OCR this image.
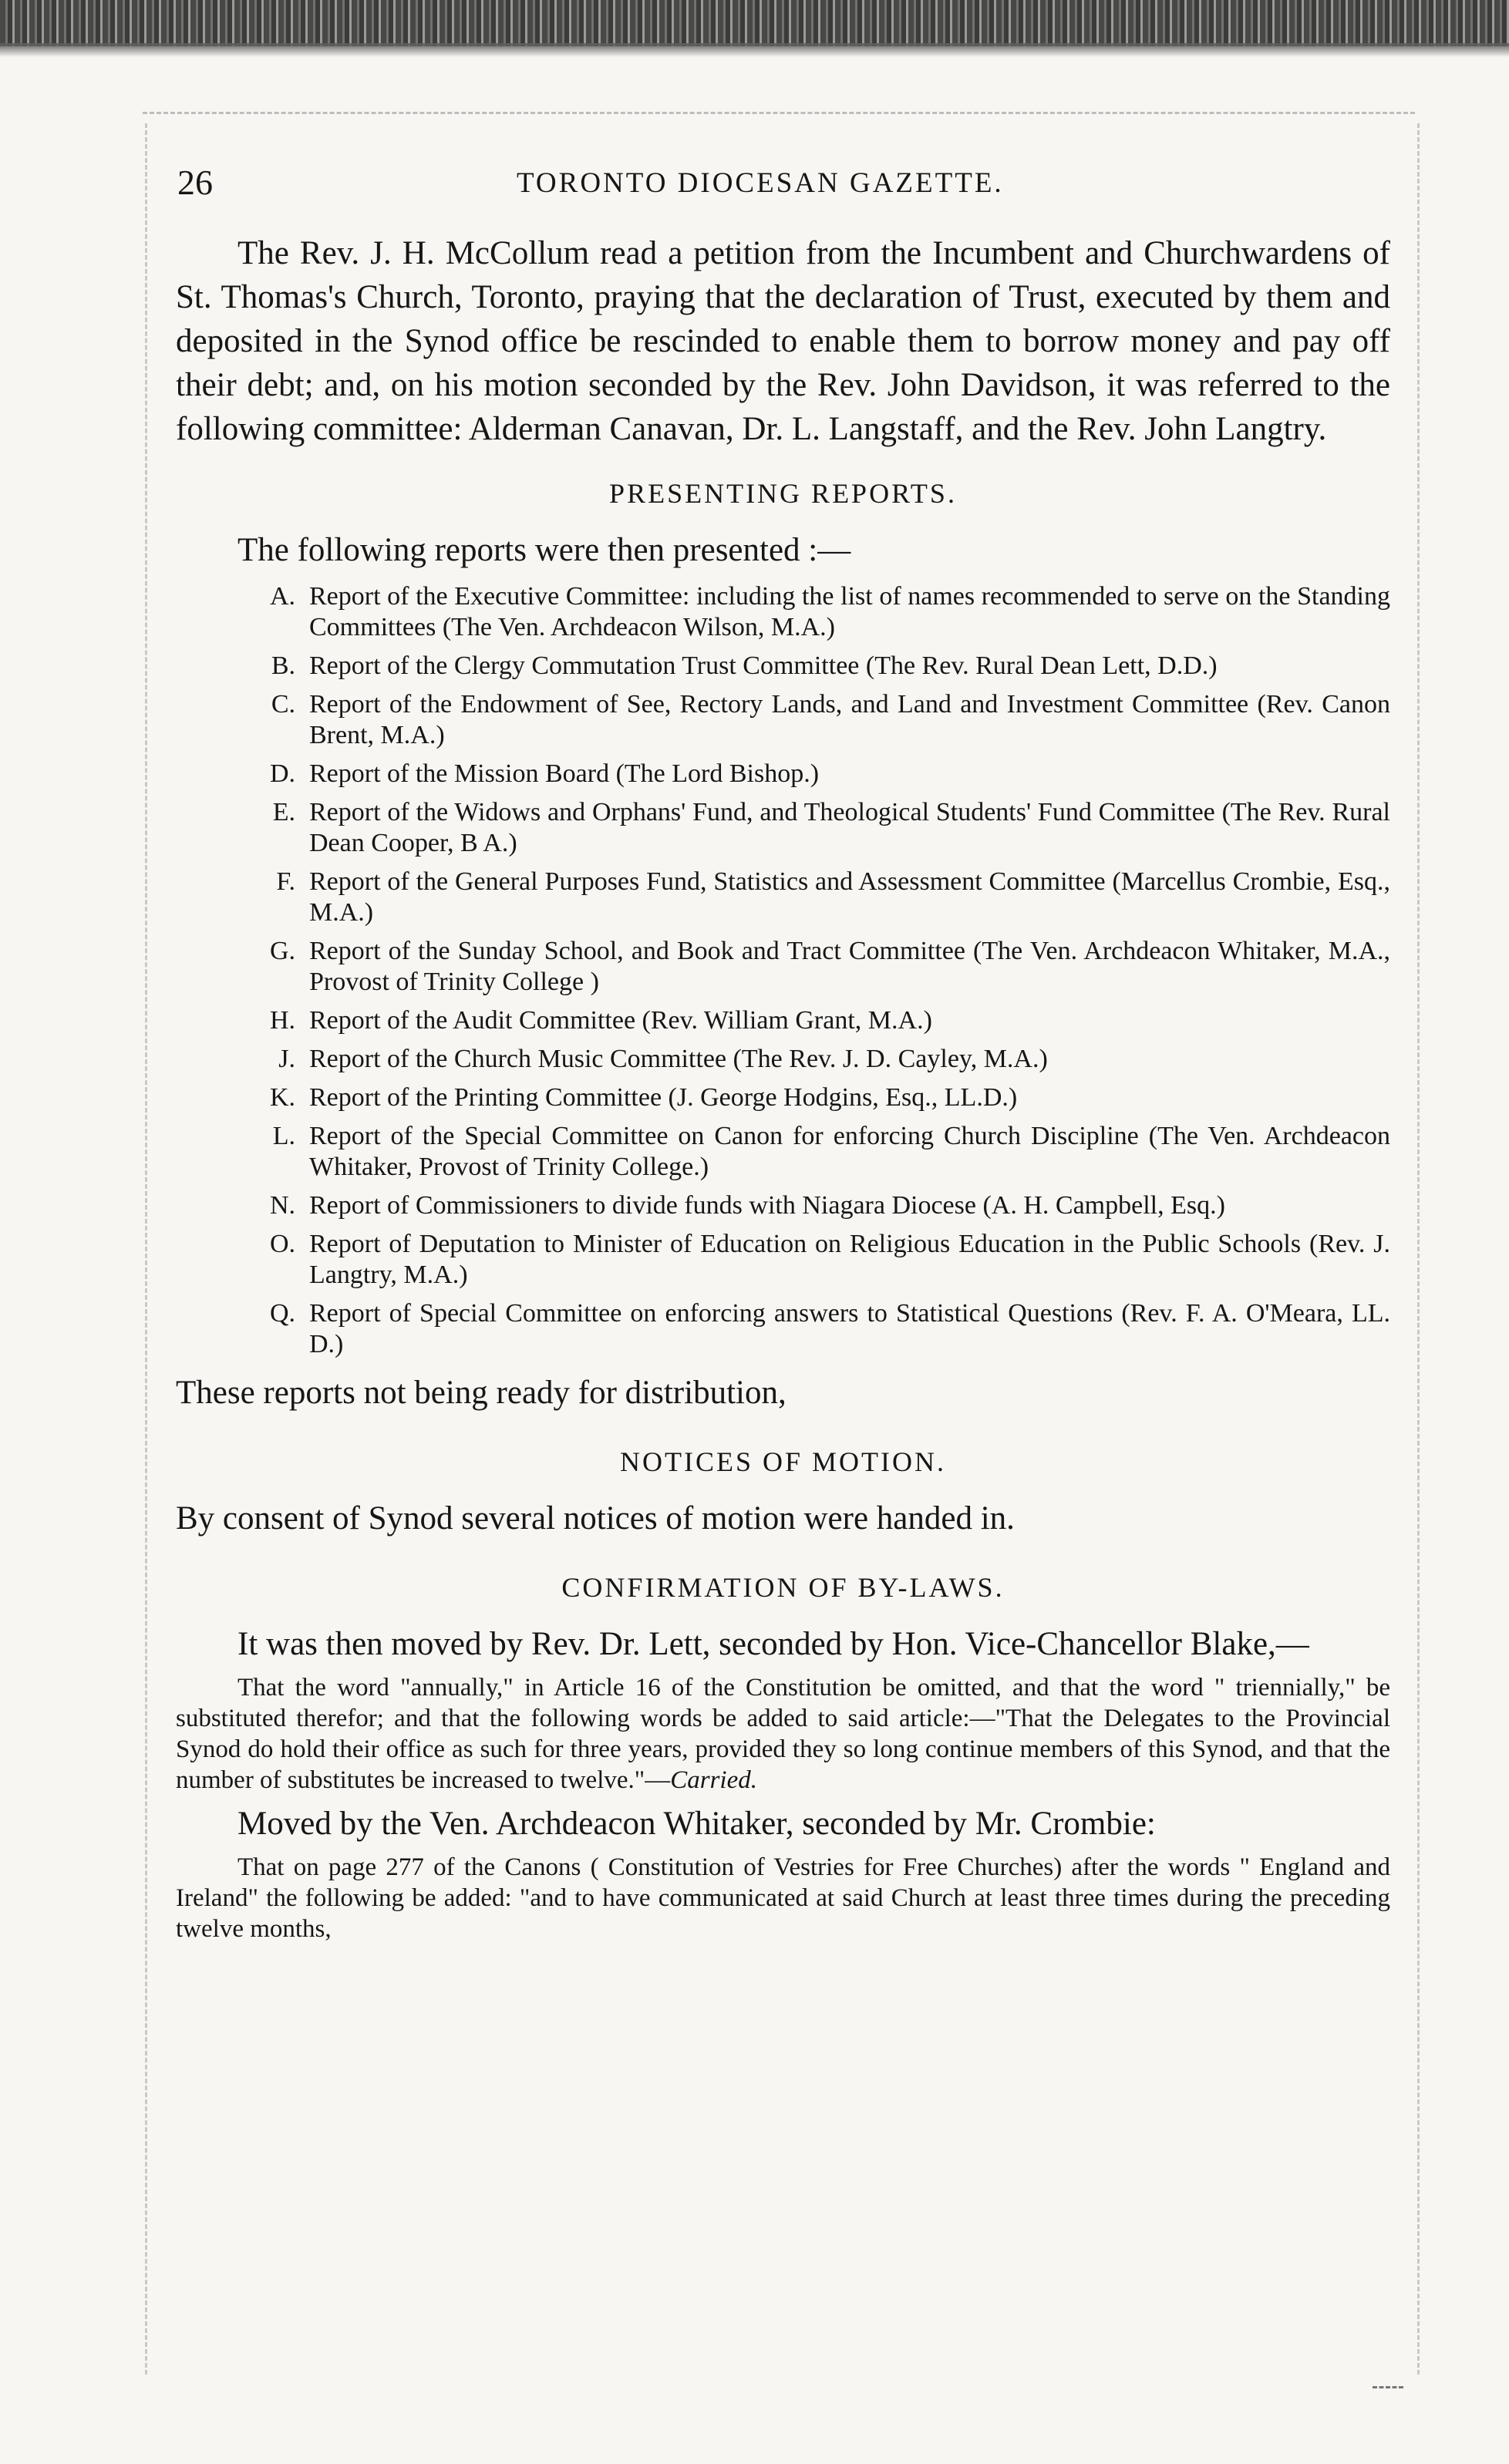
26	TORONTO DIOCESAN GAZETTE.

The Rev. J. H. McCollum read a petition from the Incumbent and Churchwardens of St. Thomas's Church, Toronto, praying that the declaration of Trust, executed by them and deposited in the Synod office be rescinded to enable them to borrow money and pay off their debt; and, on his motion seconded by the Rev. John Davidson, it was referred to the following committee: Alderman Canavan, Dr. L. Langstaff, and the Rev. John Langtry.

PRESENTING REPORTS.

The following reports were then presented :—

A. Report of the Executive Committee: including the list of names recommended to serve on the Standing Committees (The Ven. Archdeacon Wilson, M.A.)
B. Report of the Clergy Commutation Trust Committee (The Rev. Rural Dean Lett, D.D.)
C. Report of the Endowment of See, Rectory Lands, and Land and Investment Committee (Rev. Canon Brent, M.A.)
D. Report of the Mission Board (The Lord Bishop.)
E. Report of the Widows and Orphans' Fund, and Theological Students' Fund Committee (The Rev. Rural Dean Cooper, B A.)
F. Report of the General Purposes Fund, Statistics and Assessment Committee (Marcellus Crombie, Esq., M.A.)
G. Report of the Sunday School, and Book and Tract Committee (The Ven. Archdeacon Whitaker, M.A., Provost of Trinity College )
H. Report of the Audit Committee (Rev. William Grant, M.A.)
J. Report of the Church Music Committee (The Rev. J. D. Cayley, M.A.)
K. Report of the Printing Committee (J. George Hodgins, Esq., LL.D.)
L. Report of the Special Committee on Canon for enforcing Church Discipline (The Ven. Archdeacon Whitaker, Provost of Trinity College.)
N. Report of Commissioners to divide funds with Niagara Diocese (A. H. Campbell, Esq.)
O. Report of Deputation to Minister of Education on Religious Education in the Public Schools (Rev. J. Langtry, M.A.)
Q. Report of Special Committee on enforcing answers to Statistical Questions (Rev. F. A. O'Meara, LL. D.)

These reports not being ready for distribution,

NOTICES OF MOTION.

By consent of Synod several notices of motion were handed in.

CONFIRMATION OF BY-LAWS.

It was then moved by Rev. Dr. Lett, seconded by Hon. Vice-Chancellor Blake,—

That the word "annually," in Article 16 of the Constitution be omitted, and that the word " triennially," be substituted therefor; and that the following words be added to said article:—"That the Delegates to the Provincial Synod do hold their office as such for three years, provided they so long continue members of this Synod, and that the number of substitutes be increased to twelve."—Carried.

Moved by the Ven. Archdeacon Whitaker, seconded by Mr. Crombie:

That on page 277 of the Canons ( Constitution of Vestries for Free Churches) after the words " England and Ireland" the following be added: "and to have communicated at said Church at least three times during the preceding twelve months,
